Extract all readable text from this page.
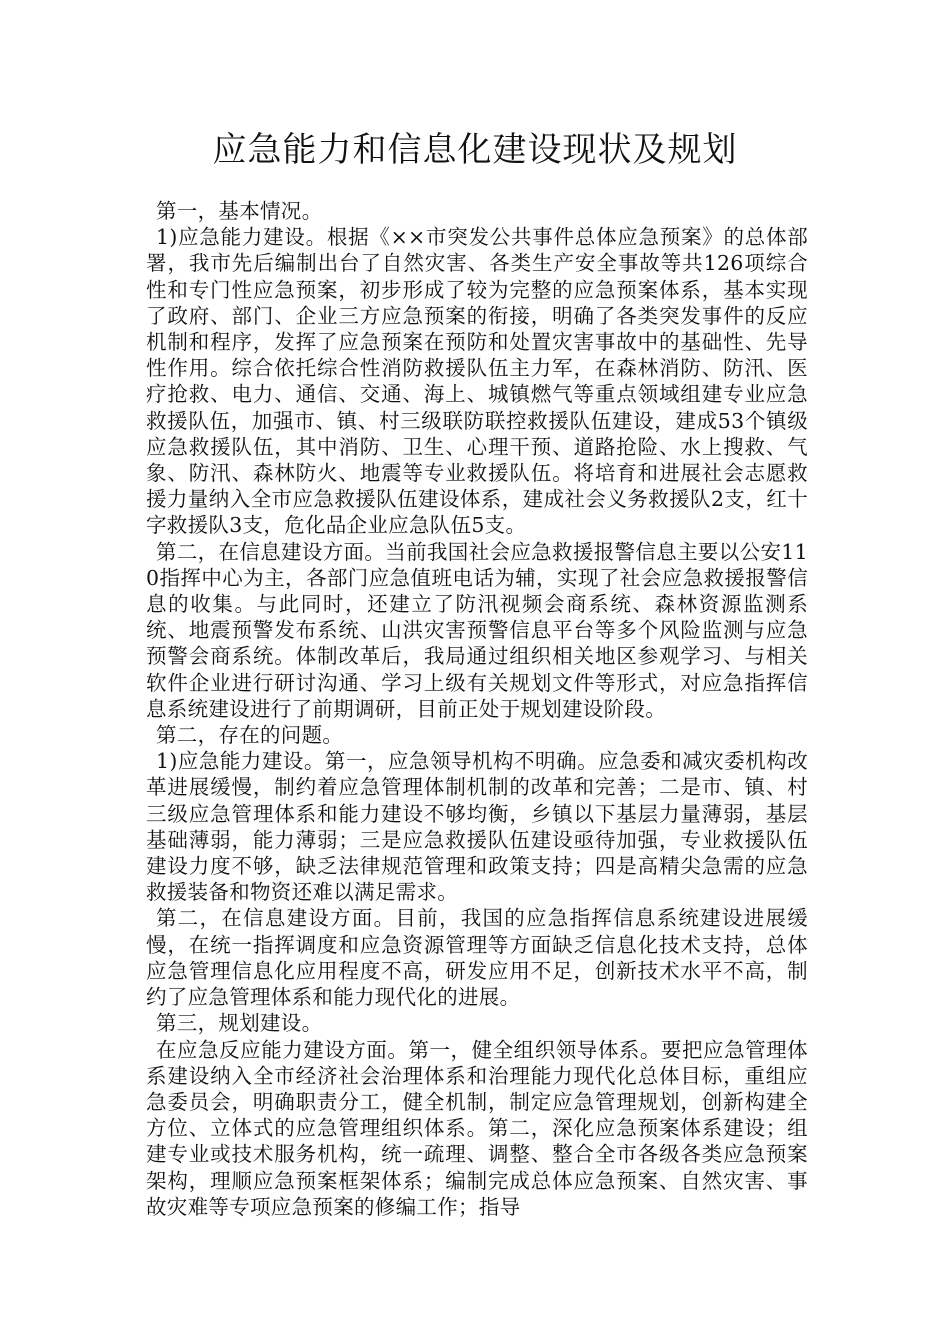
应急能力和信息化建设现状及规划

第一，基本情况。

1)应急能力建设。根据《××市突发公共事件总体应急预案》的总体部署，我市先后编制出台了自然灾害、各类生产安全事故等共126项综合性和专门性应急预案，初步形成了较为完整的应急预案体系，基本实现了政府、部门、企业三方应急预案的衔接，明确了各类突发事件的反应机制和程序，发挥了应急预案在预防和处置灾害事故中的基础性、先导性作用。综合依托综合性消防救援队伍主力军，在森林消防、防汛、医疗抢救、电力、通信、交通、海上、城镇燃气等重点领域组建专业应急救援队伍，加强市、镇、村三级联防联控救援队伍建设，建成53个镇级应急救援队伍，其中消防、卫生、心理干预、道路抢险、水上搜救、气象、防汛、森林防火、地震等专业救援队伍。将培育和进展社会志愿救援力量纳入全市应急救援队伍建设体系，建成社会义务救援队2支，红十字救援队3支，危化品企业应急队伍5支。

第二，在信息建设方面。当前我国社会应急救援报警信息主要以公安110指挥中心为主，各部门应急值班电话为辅，实现了社会应急救援报警信息的收集。与此同时，还建立了防汛视频会商系统、森林资源监测系统、地震预警发布系统、山洪灾害预警信息平台等多个风险监测与应急预警会商系统。体制改革后，我局通过组织相关地区参观学习、与相关软件企业进行研讨沟通、学习上级有关规划文件等形式，对应急指挥信息系统建设进行了前期调研，目前正处于规划建设阶段。

第二，存在的问题。

1)应急能力建设。第一，应急领导机构不明确。应急委和减灾委机构改革进展缓慢，制约着应急管理体制机制的改革和完善；二是市、镇、村三级应急管理体系和能力建设不够均衡，乡镇以下基层力量薄弱，基层基础薄弱，能力薄弱；三是应急救援队伍建设亟待加强，专业救援队伍建设力度不够，缺乏法律规范管理和政策支持；四是高精尖急需的应急救援装备和物资还难以满足需求。

第二，在信息建设方面。目前，我国的应急指挥信息系统建设进展缓慢，在统一指挥调度和应急资源管理等方面缺乏信息化技术支持，总体应急管理信息化应用程度不高，研发应用不足，创新技术水平不高，制约了应急管理体系和能力现代化的进展。

第三，规划建设。

在应急反应能力建设方面。第一，健全组织领导体系。要把应急管理体系建设纳入全市经济社会治理体系和治理能力现代化总体目标，重组应急委员会，明确职责分工，健全机制，制定应急管理规划，创新构建全方位、立体式的应急管理组织体系。第二，深化应急预案体系建设；组建专业或技术服务机构，统一疏理、调整、整合全市各级各类应急预案架构，理顺应急预案框架体系；编制完成总体应急预案、自然灾害、事故灾难等专项应急预案的修编工作；指导
